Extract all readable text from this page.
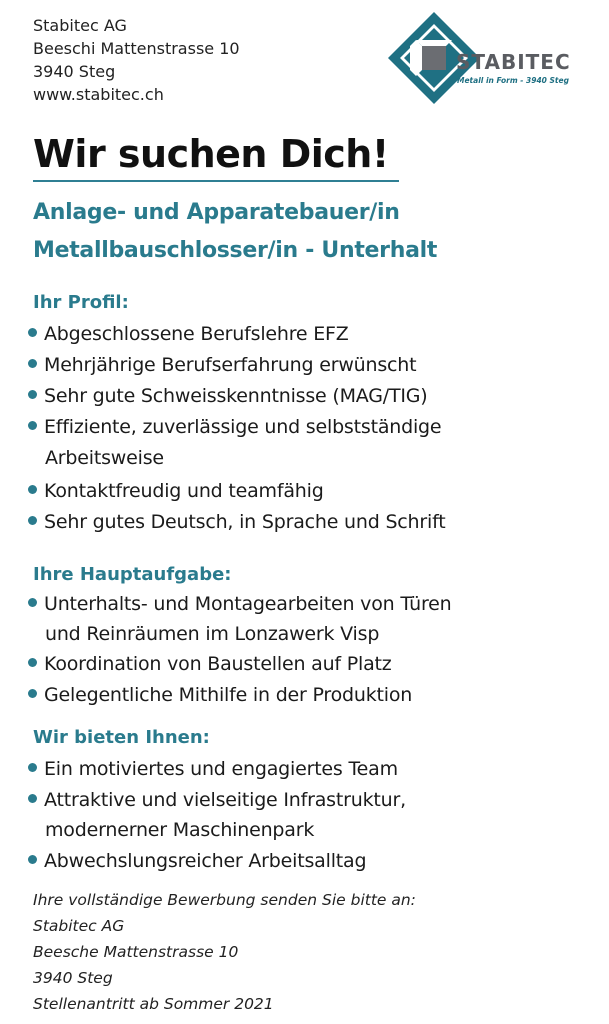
Stabitec AG
Beeschi Mattenstrasse 10
3940 Steg
www.stabitec.ch
STABITEC
Metall in Form - 3940 Steg
Wir suchen Dich!
Anlage- und Apparatebauer/in
Metallbauschlosser/in - Unterhalt
Ihr Profil:
Abgeschlossene Berufslehre EFZ
Mehrjährige Berufserfahrung erwünscht
Sehr gute Schweisskenntnisse (MAG/TIG)
Effiziente, zuverlässige und selbstständige
Arbeitsweise
Kontaktfreudig und teamfähig
Sehr gutes Deutsch, in Sprache und Schrift
Ihre Hauptaufgabe:
Unterhalts- und Montagearbeiten von Türen
und Reinräumen im Lonzawerk Visp
Koordination von Baustellen auf Platz
Gelegentliche Mithilfe in der Produktion
Wir bieten Ihnen:
Ein motiviertes und engagiertes Team
Attraktive und vielseitige Infrastruktur,
modernerner Maschinenpark
Abwechslungsreicher Arbeitsalltag
Ihre vollständige Bewerbung senden Sie bitte an:
Stabitec AG
Beesche Mattenstrasse 10
3940 Steg
Stellenantritt ab Sommer 2021
